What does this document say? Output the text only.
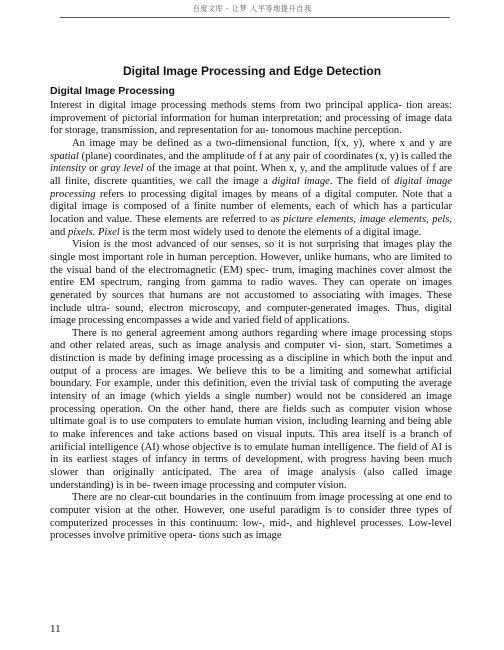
百度文库 - 让梦 人平等地提升自我
Digital Image Processing and Edge Detection
Digital Image Processing

Interest in digital image processing methods stems from two principal applica- tion areas: improvement of pictorial information for human interpretation; and processing of image data for storage, transmission, and representation for au- tonomous machine perception.

An image may be defined as a two-dimensional function, f(x, y), where x and y are spatial (plane) coordinates, and the amplitude of f at any pair of coordinates (x, y) is called the intensity or gray level of the image at that point. When x, y, and the amplitude values of f are all finite, discrete quantities, we call the image a digital image. The field of digital image processing refers to processing digital images by means of a digital computer. Note that a digital image is composed of a finite number of elements, each of which has a particular location and value. These elements are referred to as picture elements, image elements, pels, and pixels. Pixel is the term most widely used to denote the elements of a digital image.

Vision is the most advanced of our senses, so it is not surprising that images play the single most important role in human perception. However, unlike humans, who are limited to the visual band of the electromagnetic (EM) spec- trum, imaging machines cover almost the entire EM spectrum, ranging from gamma to radio waves. They can operate on images generated by sources that humans are not accustomed to associating with images. These include ultra- sound, electron microscopy, and computer-generated images. Thus, digital image processing encompasses a wide and varied field of applications.

There is no general agreement among authors regarding where image processing stops and other related areas, such as image analysis and computer vi- sion, start. Sometimes a distinction is made by defining image processing as a discipline in which both the input and output of a process are images. We believe this to be a limiting and somewhat artificial boundary. For example, under this definition, even the trivial task of computing the average intensity of an image (which yields a single number) would not be considered an image processing operation. On the other hand, there are fields such as computer vision whose ultimate goal is to use computers to emulate human vision, including learning and being able to make inferences and take actions based on visual inputs. This area itself is a branch of artificial intelligence (AI) whose objective is to emulate human intelligence. The field of AI is in its earliest stages of infancy in terms of development, with progress having been much slower than originally anticipated. The area of image analysis (also called image understanding) is in be- tween image processing and computer vision.

There are no clear-cut boundaries in the continuum from image processing at one end to computer vision at the other. However, one useful paradigm is to consider three types of computerized processes in this continuum: low-, mid-, and highlevel processes. Low-level processes involve primitive opera- tions such as image

11
